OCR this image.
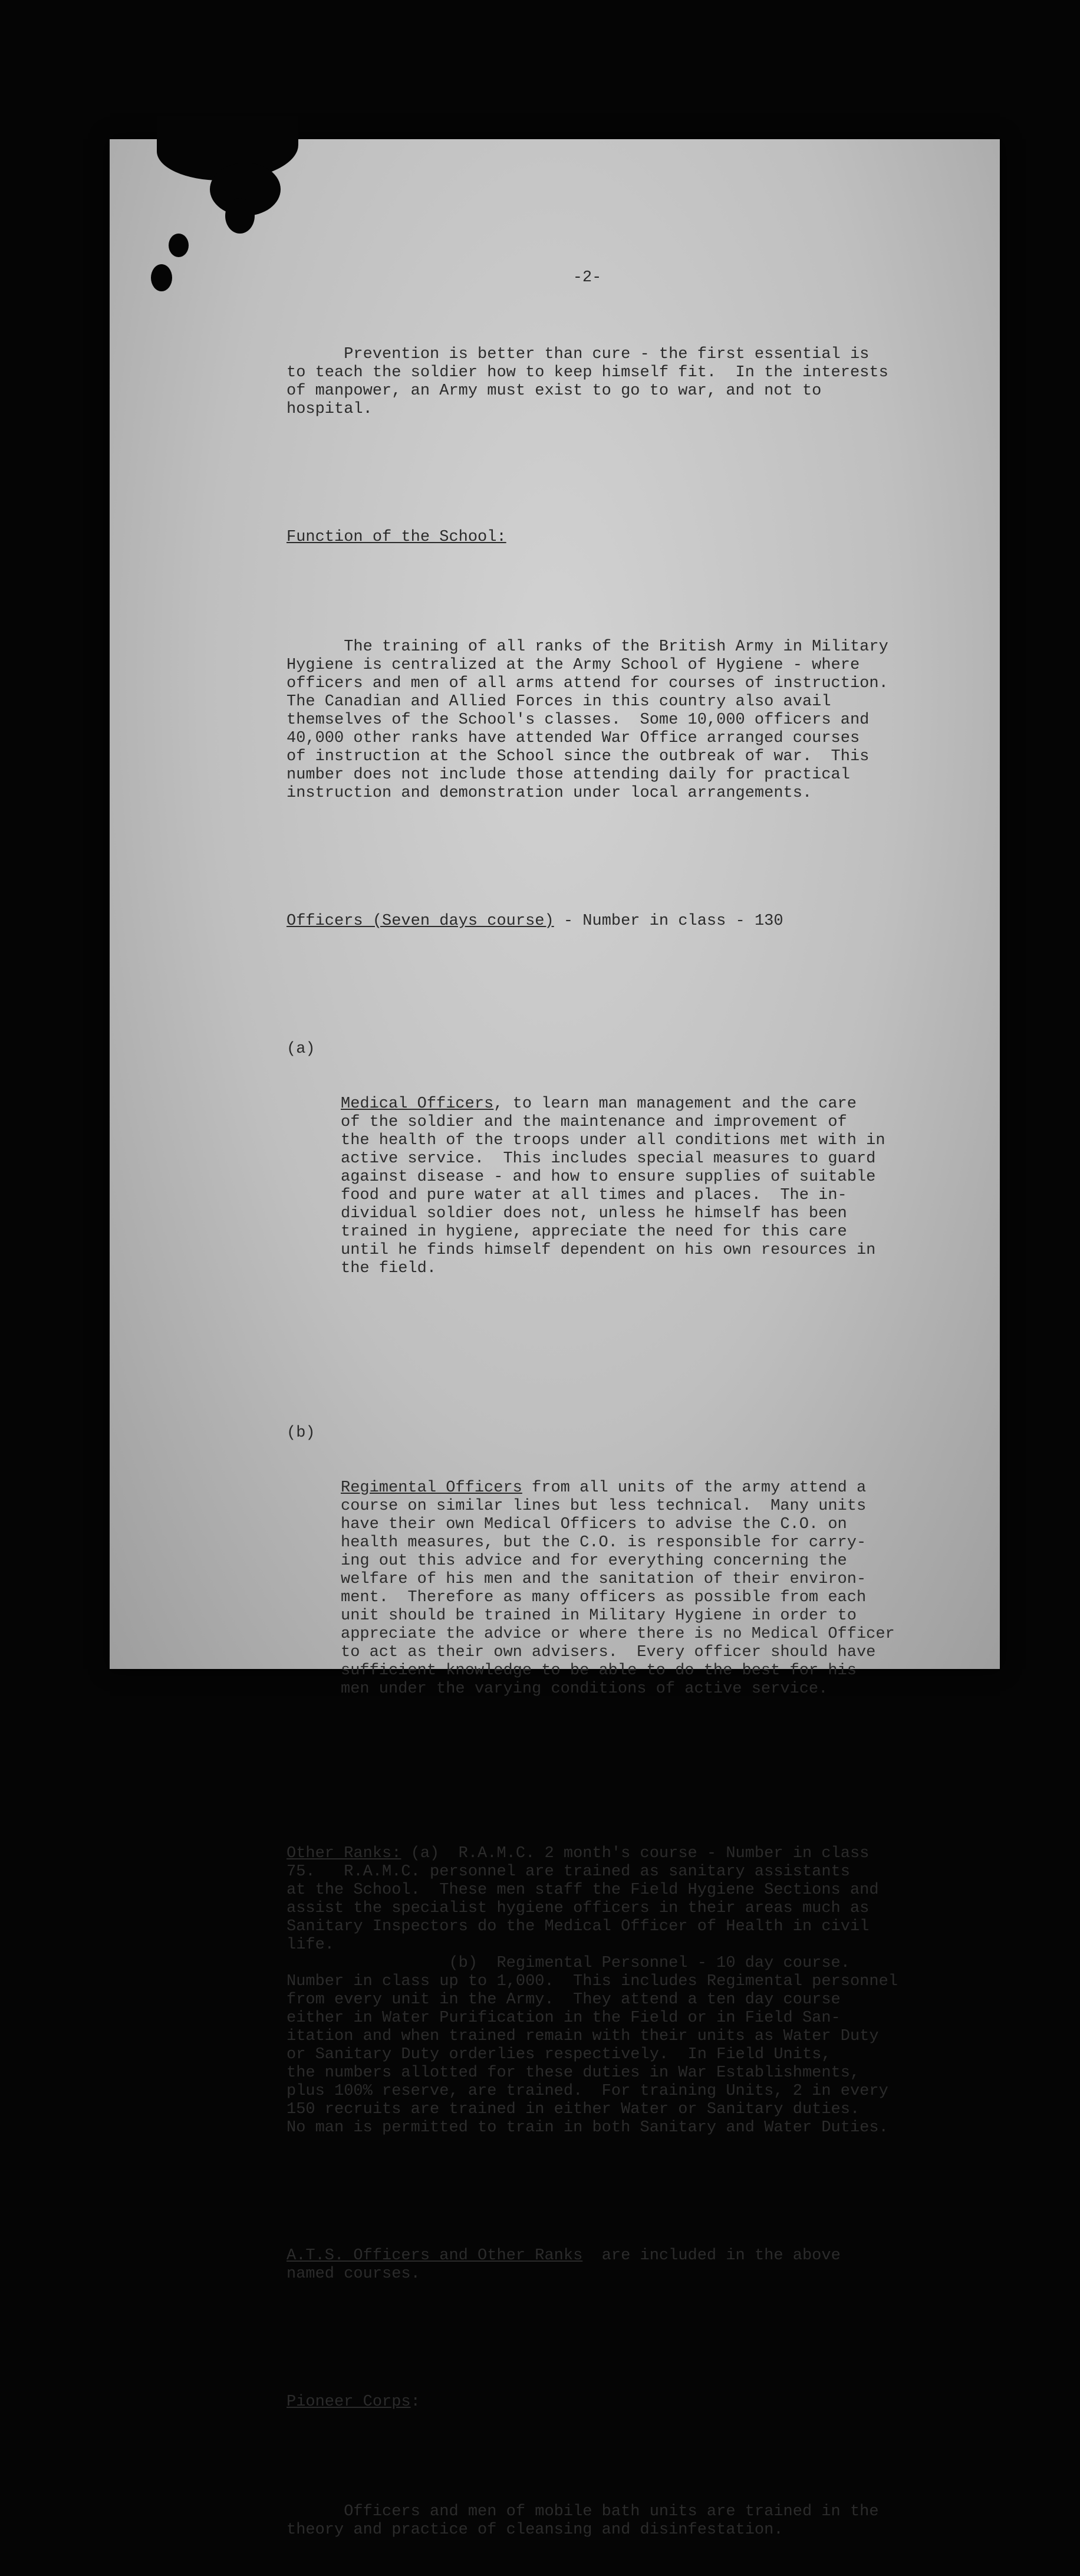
-2-

Prevention is better than cure - the first essential is
to teach the soldier how to keep himself fit.  In the interests
of manpower, an Army must exist to go to war, and not to
hospital.

Function of the School:

The training of all ranks of the British Army in Military
Hygiene is centralized at the Army School of Hygiene - where
officers and men of all arms attend for courses of instruction.
The Canadian and Allied Forces in this country also avail
themselves of the School's classes.  Some 10,000 officers and
40,000 other ranks have attended War Office arranged courses
of instruction at the School since the outbreak of war.  This
number does not include those attending daily for practical
instruction and demonstration under local arrangements.

Officers (Seven days course) - Number in class - 130

(a)

Medical Officers, to learn man management and the care
of the soldier and the maintenance and improvement of
the health of the troops under all conditions met with in
active service.  This includes special measures to guard
against disease - and how to ensure supplies of suitable
food and pure water at all times and places.  The in-
dividual soldier does not, unless he himself has been
trained in hygiene, appreciate the need for this care
until he finds himself dependent on his own resources in
the field.

(b)

Regimental Officers from all units of the army attend a
course on similar lines but less technical.  Many units
have their own Medical Officers to advise the C.O. on
health measures, but the C.O. is responsible for carry-
ing out this advice and for everything concerning the
welfare of his men and the sanitation of their environ-
ment.  Therefore as many officers as possible from each
unit should be trained in Military Hygiene in order to
appreciate the advice or where there is no Medical Officer
to act as their own advisers.  Every officer should have
sufficient knowledge to be able to do the best for his
men under the varying conditions of active service.

Other Ranks: (a)  R.A.M.C. 2 month's course - Number in class
75.   R.A.M.C. personnel are trained as sanitary assistants
at the School.  These men staff the Field Hygiene Sections and
assist the specialist hygiene officers in their areas much as
Sanitary Inspectors do the Medical Officer of Health in civil
life.
(b)  Regimental Personnel - 10 day course.
Number in class up to 1,000.  This includes Regimental personnel
from every unit in the Army.  They attend a ten day course
either in Water Purification in the Field or in Field San-
itation and when trained remain with their units as Water Duty
or Sanitary Duty orderlies respectively.  In Field Units,
the numbers allotted for these duties in War Establishments,
plus 100% reserve, are trained.  For training Units, 2 in every
150 recruits are trained in either Water or Sanitary duties.
No man is permitted to train in both Sanitary and Water Duties.

A.T.S. Officers and Other Ranks  are included in the above
named courses.

Pioneer Corps:

Officers and men of mobile bath units are trained in the
theory and practice of cleansing and disinfestation.
